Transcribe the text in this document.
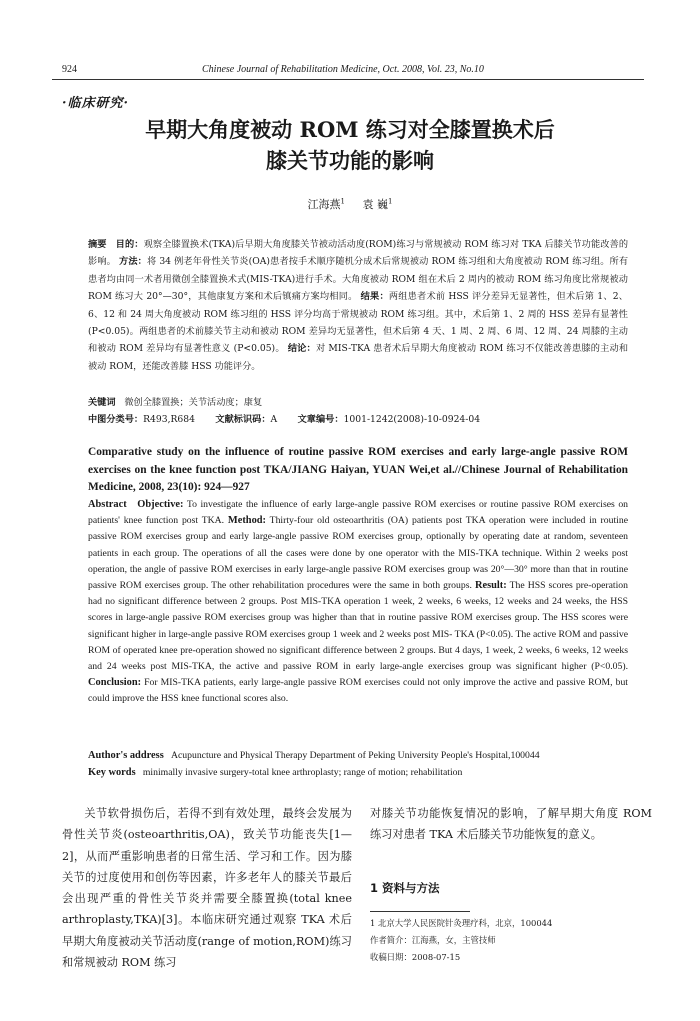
924	Chinese Journal of Rehabilitation Medicine, Oct. 2008, Vol. 23, No.10
·临床研究·
早期大角度被动 ROM 练习对全膝置换术后
膝关节功能的影响
江海燕$^1$ 袁 巍$^1$
摘要 目的：观察全膝置换术(TKA)后早期大角度膝关节被动活动度(ROM)练习与常规被动 ROM 练习对 TKA 后膝关节功能改善的影响。 方法：将 34 例老年骨性关节炎(OA)患者按手术顺序随机分成术后常规被动 ROM 练习组和大角度被动 ROM 练习组。所有患者均由同一术者用微创全膝置换术式(MIS-TKA)进行手术。大角度被动 ROM 组在术后 2 周内的被动 ROM 练习角度比常规被动 ROM 练习大 20°—30°，其他康复方案和术后镇痛方案均相同。 结果：两组患者术前 HSS 评分差异无显著性，但术后第 1、2、6、12 和 24 周大角度被动 ROM 练习组的 HSS 评分均高于常规被动 ROM 练习组。其中，术后第 1、2 周的 HSS 差异有显著性 (P<0.05)。两组患者的术前膝关节主动和被动 ROM 差异均无显著性，但术后第 4 天、1 周、2 周、6 周、12 周、24 周膝的主动和被动 ROM 差异均有显著性意义 (P<0.05)。 结论：对 MIS-TKA 患者术后早期大角度被动 ROM 练习不仅能改善患膝的主动和被动 ROM，还能改善膝 HSS 功能评分。
关键词 微创全膝置换；关节活动度；康复
中图分类号：R493,R684 文献标识码：A 文章编号：1001-1242(2008)-10-0924-04
Comparative study on the influence of routine passive ROM exercises and early large-angle passive ROM exercises on the knee function post TKA/JIANG Haiyan, YUAN Wei,et al.//Chinese Journal of Rehabilitation Medicine, 2008, 23(10): 924—927
Abstract Objective: To investigate the influence of early large-angle passive ROM exercises or routine passive ROM exercises on patients' knee function post TKA. Method: Thirty-four old osteoarthritis (OA) patients post TKA operation were included in routine passive ROM exercises group and early large-angle passive ROM exercises group, optionally by operating date at random, seventeen patients in each group. The operations of all the cases were done by one operator with the MIS-TKA technique. Within 2 weeks post operation, the angle of passive ROM exercises in early large-angle passive ROM exercises group was 20°—30° more than that in routine passive ROM exercises group. The other rehabilitation procedures were the same in both groups. Result: The HSS scores pre-operation had no significant difference between 2 groups. Post MIS-TKA operation 1 week, 2 weeks, 6 weeks, 12 weeks and 24 weeks, the HSS scores in large-angle passive ROM exercises group was higher than that in routine passive ROM exercises group. The HSS scores were significant higher in large-angle passive ROM exercises group 1 week and 2 weeks post MIS- TKA (P<0.05). The active ROM and passive ROM of operated knee pre-operation showed no significant difference between 2 groups. But 4 days, 1 week, 2 weeks, 6 weeks, 12 weeks and 24 weeks post MIS-TKA, the active and passive ROM in early large-angle exercises group was significant higher (P<0.05). Conclusion: For MIS-TKA patients, early large-angle passive ROM exercises could not only improve the active and passive ROM, but could improve the HSS knee functional scores also.
Author's address Acupuncture and Physical Therapy Department of Peking University People's Hospital,100044
Key words minimally invasive surgery-total knee arthroplasty; range of motion; rehabilitation

关节软骨损伤后，若得不到有效处理，最终会发展为骨性关节炎(osteoarthritis,OA)，致关节功能丧失[1—2]，从而严重影响患者的日常生活、学习和工作。因为膝关节的过度使用和创伤等因素，许多老年人的膝关节最后会出现严重的骨性关节炎并需要全膝置换(total knee arthroplasty,TKA)[3]。本临床研究通过观察 TKA 术后早期大角度被动关节活动度(range of motion,ROM)练习和常规被动 ROM 练习

对膝关节功能恢复情况的影响，了解早期大角度 ROM 练习对患者 TKA 术后膝关节功能恢复的意义。

1 资料与方法
1 北京大学人民医院针灸理疗科，北京，100044
作者简介：江海燕，女，主管技师
收稿日期：2008-07-15
